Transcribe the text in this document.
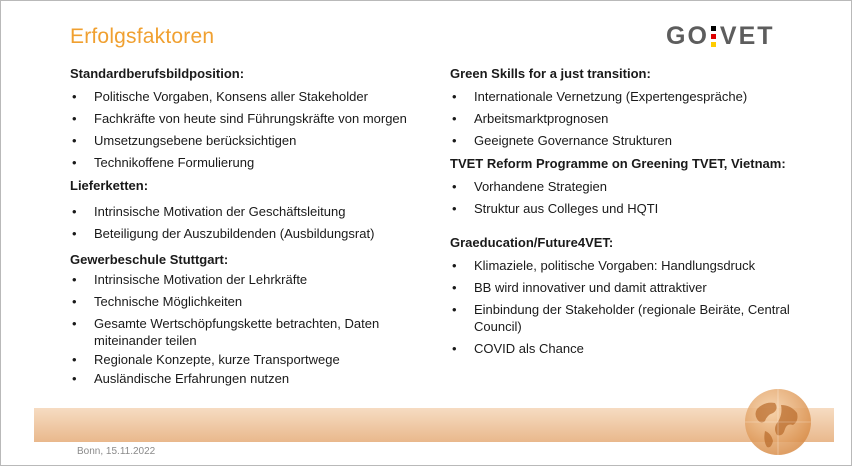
Erfolgsfaktoren	GO VET
Standardberufsbildposition:
• Politische Vorgaben, Konsens aller Stakeholder
• Fachkräfte von heute sind Führungskräfte von morgen
• Umsetzungsebene berücksichtigen
• Technikoffene Formulierung
Lieferketten:
• Intrinsische Motivation der Geschäftsleitung
• Beteiligung der Auszubildenden (Ausbildungsrat)
Gewerbeschule Stuttgart:
• Intrinsische Motivation der Lehrkräfte
• Technische Möglichkeiten
• Gesamte Wertschöpfungskette betrachten, Daten miteinander teilen
• Regionale Konzepte, kurze Transportwege
• Ausländische Erfahrungen nutzen
Green Skills for a just transition:
• Internationale Vernetzung (Expertengespräche)
• Arbeitsmarktprognosen
• Geeignete Governance Strukturen
TVET Reform Programme on Greening TVET, Vietnam:
• Vorhandene Strategien
• Struktur aus Colleges und HQTI
Graeducation/Future4VET:
• Klimaziele, politische Vorgaben: Handlungsdruck
• BB wird innovativer und damit attraktiver
• Einbindung der Stakeholder (regionale Beiräte, Central Council)
• COVID als Chance
Bonn, 15.11.2022
